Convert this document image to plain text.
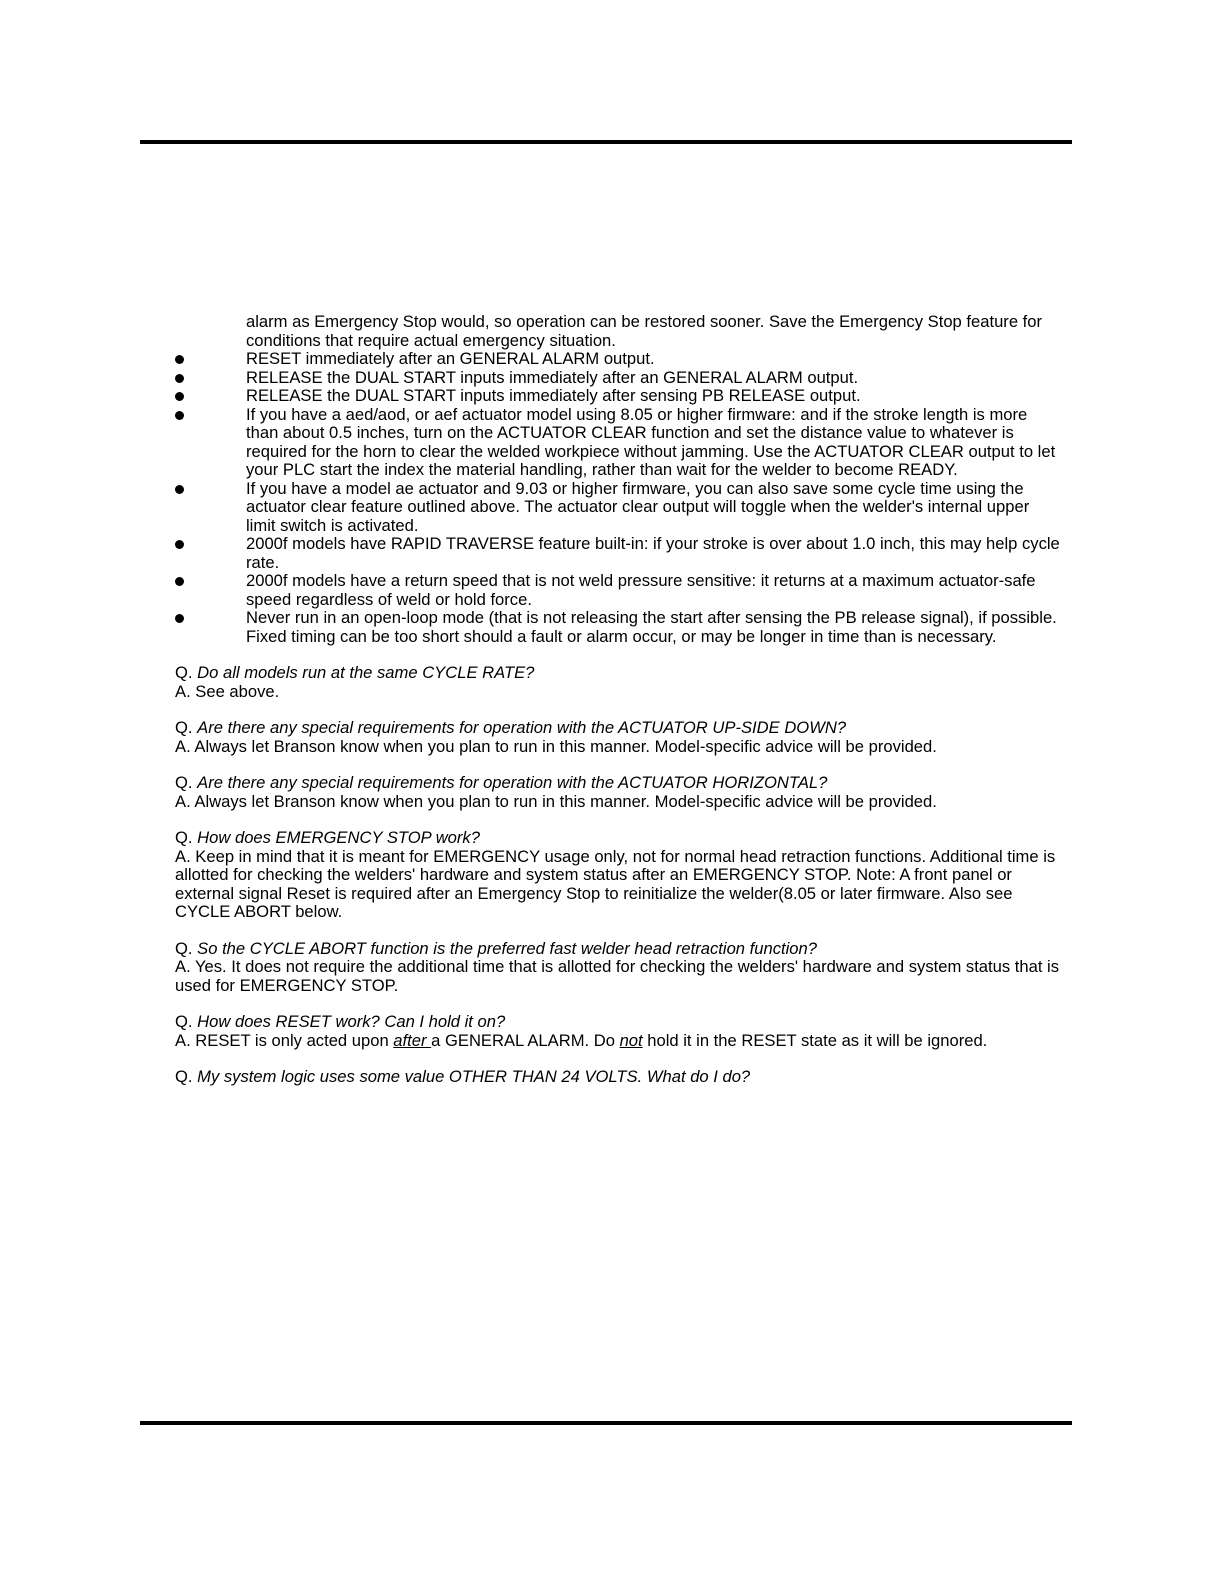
alarm as Emergency Stop would, so operation can be restored sooner. Save the Emergency Stop feature for conditions that require actual emergency situation.
RESET immediately after an GENERAL ALARM output.
RELEASE the DUAL START inputs immediately after an GENERAL ALARM output.
RELEASE the DUAL START inputs immediately after sensing PB RELEASE output.
If you have a aed/aod, or aef actuator model using 8.05 or higher firmware: and if the stroke length is more than about 0.5 inches, turn on the ACTUATOR CLEAR function and set the distance value to whatever is required for the horn to clear the welded workpiece without jamming. Use the ACTUATOR CLEAR output to let your PLC start the index the material handling, rather than wait for the welder to become READY.
If you have a model ae actuator and 9.03 or higher firmware, you can also save some cycle time using the actuator clear feature outlined above. The actuator clear output will toggle when the welder's internal upper limit switch is activated.
2000f models have RAPID TRAVERSE feature built-in: if your stroke is over about 1.0 inch, this may help cycle rate.
2000f models have a return speed that is not weld pressure sensitive: it returns at a maximum actuator-safe speed regardless of weld or hold force.
Never run in an open-loop mode (that is not releasing the start after sensing the PB release signal), if possible. Fixed timing can be too short should a fault or alarm occur, or may be longer in time than is necessary.
Q. Do all models run at the same CYCLE RATE?
A. See above.
Q. Are there any special requirements for operation with the ACTUATOR UP-SIDE DOWN?
A. Always let Branson know when you plan to run in this manner. Model-specific advice will be provided.
Q. Are there any special requirements for operation with the ACTUATOR HORIZONTAL?
A. Always let Branson know when you plan to run in this manner. Model-specific advice will be provided.
Q. How does EMERGENCY STOP work?
A. Keep in mind that it is meant for EMERGENCY usage only, not for normal head retraction functions. Additional time is allotted for checking the welders' hardware and system status after an EMERGENCY STOP. Note: A front panel or external signal Reset is required after an Emergency Stop to reinitialize the welder(8.05 or later firmware. Also see CYCLE ABORT below.
Q. So the CYCLE ABORT function is the preferred fast welder head retraction function?
A. Yes. It does not require the additional time that is allotted for checking the welders' hardware and system status that is used for EMERGENCY STOP.
Q. How does RESET work? Can I hold it on?
A. RESET is only acted upon after a GENERAL ALARM. Do not hold it in the RESET state as it will be ignored.
Q. My system logic uses some value OTHER THAN 24 VOLTS. What do I do?
